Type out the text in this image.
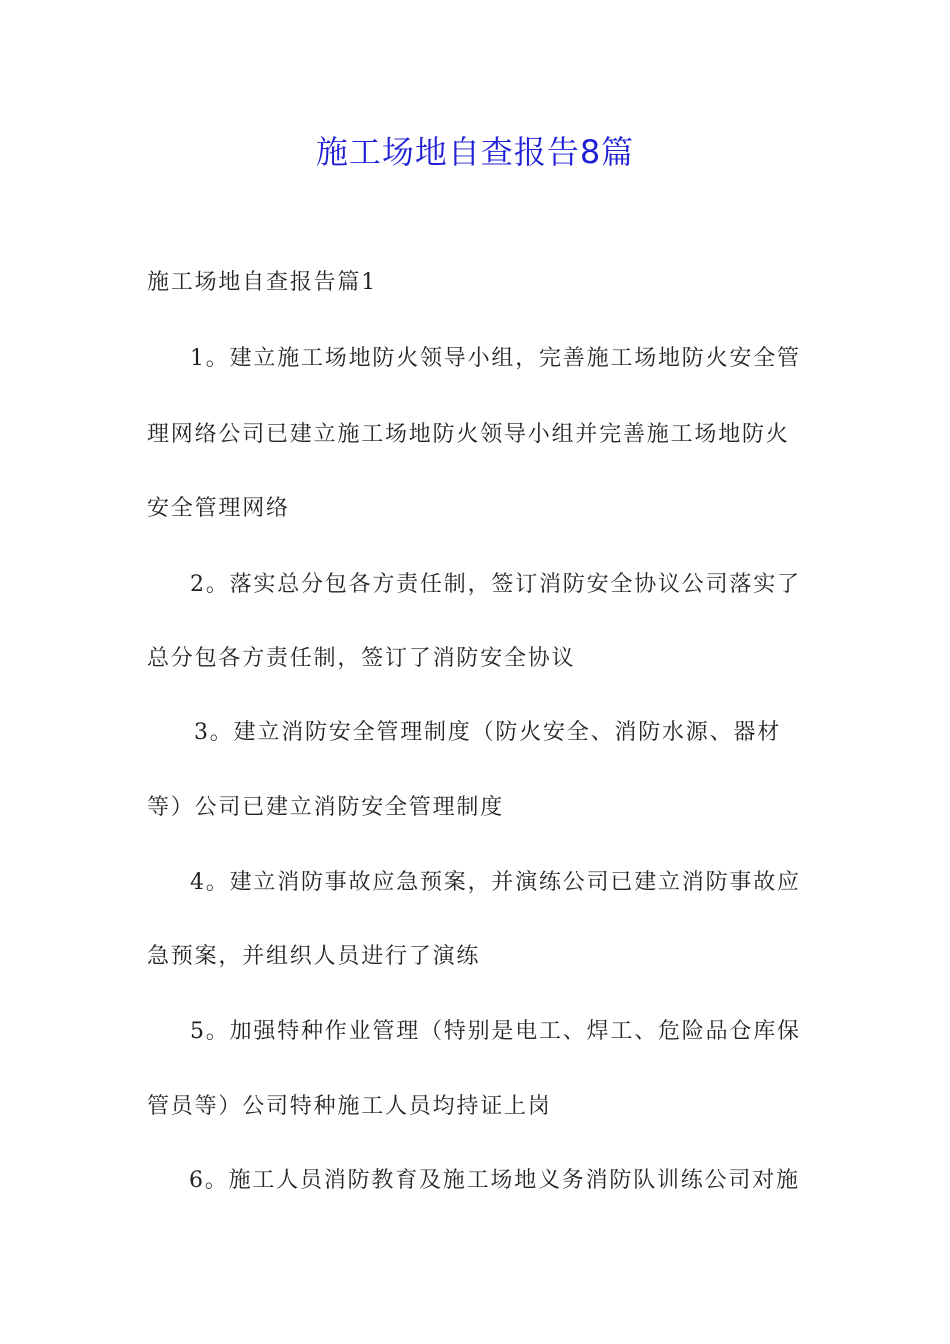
施工场地自查报告8篇
施工场地自查报告篇1
1。建立施工场地防火领导小组，完善施工场地防火安全管
理网络公司已建立施工场地防火领导小组并完善施工场地防火
安全管理网络
2。落实总分包各方责任制，签订消防安全协议公司落实了
总分包各方责任制，签订了消防安全协议
3。建立消防安全管理制度（防火安全、消防水源、器材
等）公司已建立消防安全管理制度
4。建立消防事故应急预案，并演练公司已建立消防事故应
急预案，并组织人员进行了演练
5。加强特种作业管理（特别是电工、焊工、危险品仓库保
管员等）公司特种施工人员均持证上岗
6。施工人员消防教育及施工场地义务消防队训练公司对施
